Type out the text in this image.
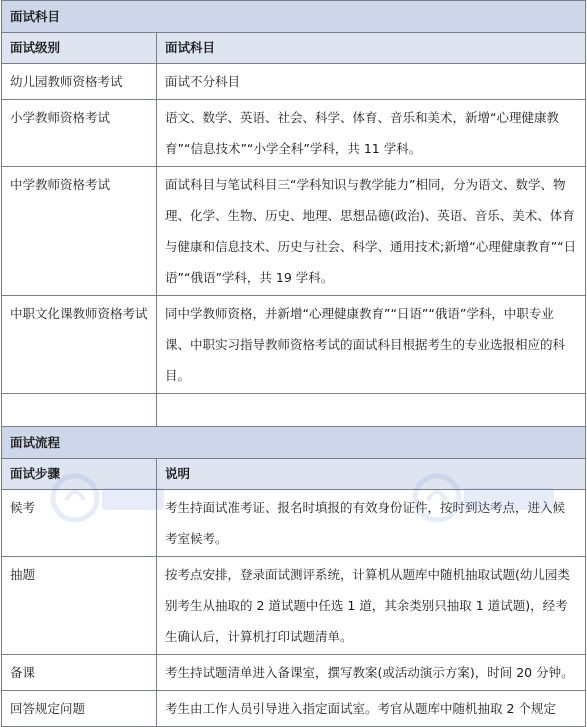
面试科目	
面试级别	面试科目
幼儿园教师资格考试	面试不分科目
小学教师资格考试	语文、数学、英语、社会、科学、体育、音乐和美术，新增“心理健康教育”“信息技术”“小学全科”学科，共 11 学科。
中学教师资格考试	面试科目与笔试科目三“学科知识与教学能力”相同，分为语文、数学、物理、化学、生物、历史、地理、思想品德(政治)、英语、音乐、美术、体育与健康和信息技术、历史与社会、科学、通用技术;新增“心理健康教育”“日语”“俄语”学科，共 19 学科。
中职文化课教师资格考试	同中学教师资格，并新增“心理健康教育”“日语”“俄语”学科，中职专业课、中职实习指导教师资格考试的面试科目根据考生的专业选报相应的科目。

面试流程	
面试步骤	说明
候考	考生持面试准考证、报名时填报的有效身份证件，按时到达考点，进入候考室候考。
抽题	按考点安排，登录面试测评系统，计算机从题库中随机抽取试题(幼儿园类别考生从抽取的 2 道试题中任选 1 道，其余类别只抽取 1 道试题)，经考生确认后，计算机打印试题清单。
备课	考生持试题清单进入备课室，撰写教案(或活动演示方案)，时间 20 分钟。
回答规定问题	考生由工作人员引导进入指定面试室。考官从题库中随机抽取 2 个规定
